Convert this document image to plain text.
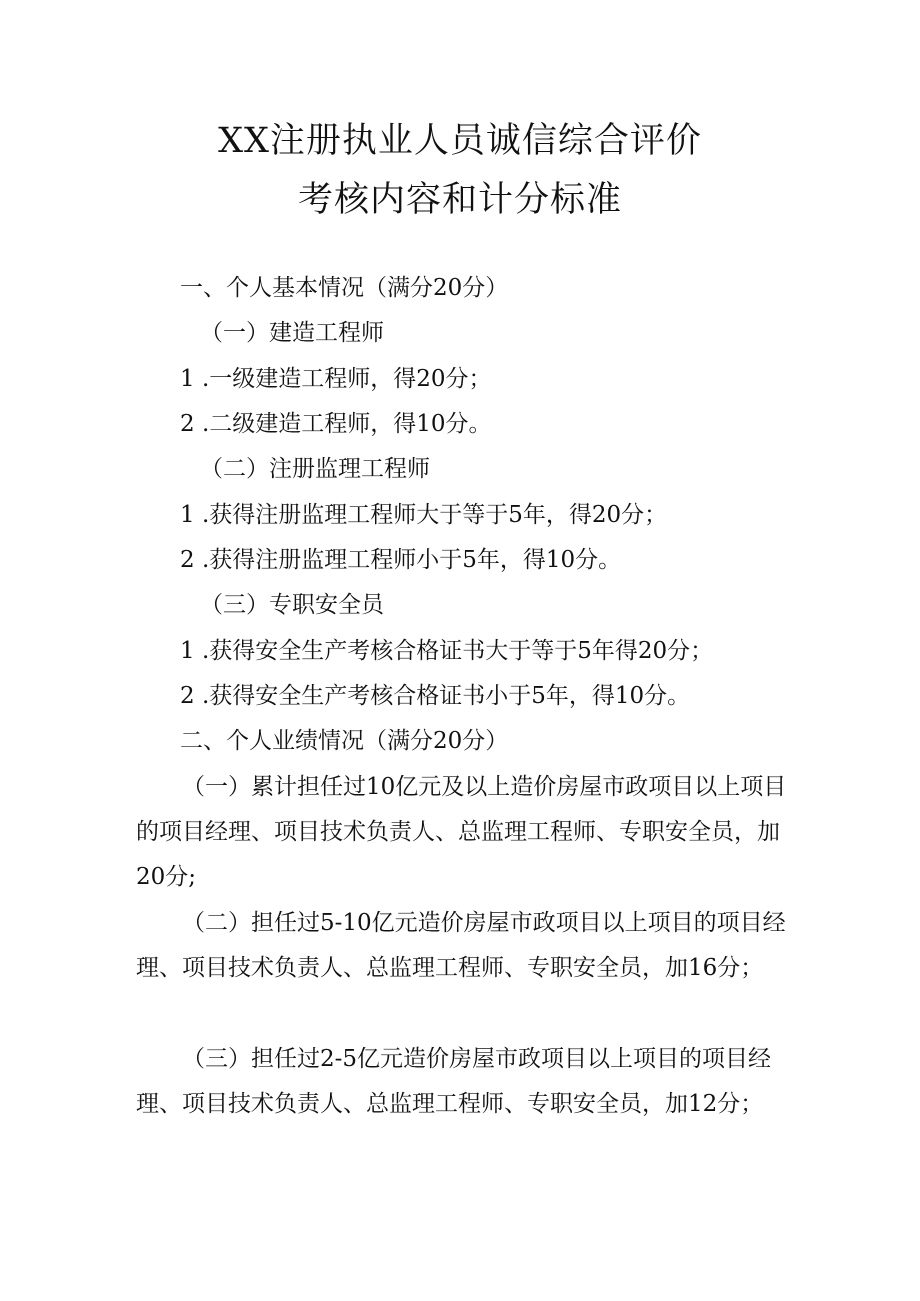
XX注册执业人员诚信综合评价
考核内容和计分标准
一、个人基本情况（满分20分）
（一）建造工程师
1 .一级建造工程师，得20分；
2 .二级建造工程师，得10分。
（二）注册监理工程师
1 .获得注册监理工程师大于等于5年，得20分；
2 .获得注册监理工程师小于5年，得10分。
（三）专职安全员
1 .获得安全生产考核合格证书大于等于5年得20分；
2 .获得安全生产考核合格证书小于5年，得10分。
二、个人业绩情况（满分20分）
（一）累计担任过10亿元及以上造价房屋市政项目以上项目的项目经理、项目技术负责人、总监理工程师、专职安全员，加20分;
（二）担任过5-10亿元造价房屋市政项目以上项目的项目经理、项目技术负责人、总监理工程师、专职安全员，加16分；
（三）担任过2-5亿元造价房屋市政项目以上项目的项目经理、项目技术负责人、总监理工程师、专职安全员，加12分；
